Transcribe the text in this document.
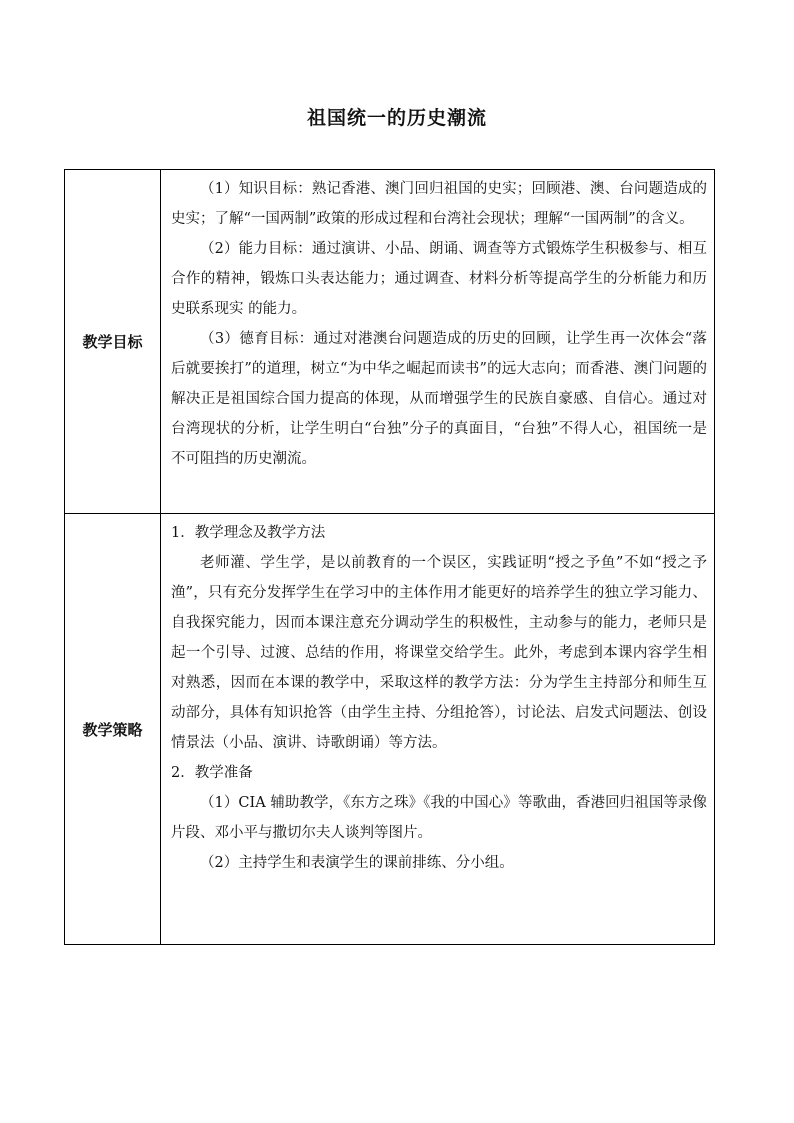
祖国统一的历史潮流
教学目标	（1）知识目标：熟记香港、澳门回归祖国的史实；回顾港、澳、台问题造成的史实；了解“一国两制”政策的形成过程和台湾社会现状；理解“一国两制”的含义。

（2）能力目标：通过演讲、小品、朗诵、调查等方式锻炼学生积极参与、相互合作的精神，锻炼口头表达能力；通过调查、材料分析等提高学生的分析能力和历史联系现实 的能力。

（3）德育目标：通过对港澳台问题造成的历史的回顾，让学生再一次体会“落后就要挨打”的道理，树立“为中华之崛起而读书”的远大志向；而香港、澳门问题的解决正是祖国综合国力提高的体现，从而增强学生的民族自豪感、自信心。通过对台湾现状的分析，让学生明白“台独”分子的真面目，“台独”不得人心，祖国统一是不可阻挡的历史潮流。

教学策略	1．教学理念及教学方法

老师灌、学生学，是以前教育的一个误区，实践证明“授之予鱼”不如“授之予渔”，只有充分发挥学生在学习中的主体作用才能更好的培养学生的独立学习能力、自我探究能力，因而本课注意充分调动学生的积极性，主动参与的能力，老师只是起一个引导、过渡、总结的作用，将课堂交给学生。此外，考虑到本课内容学生相对熟悉，因而在本课的教学中，采取这样的教学方法：分为学生主持部分和师生互动部分，具体有知识抢答（由学生主持、分组抢答），讨论法、启发式问题法、创设情景法（小品、演讲、诗歌朗诵）等方法。

2．教学准备

（1）CIA 辅助教学，《东方之珠》《我的中国心》等歌曲，香港回归祖国等录像片段、邓小平与撒切尔夫人谈判等图片。

（2）主持学生和表演学生的课前排练、分小组。
